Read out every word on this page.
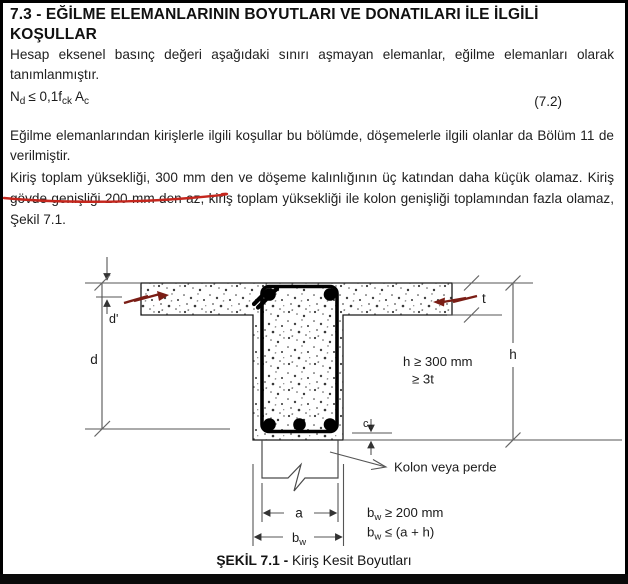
7.3 - EĞİLME ELEMANLARININ BOYUTLARI VE DONATILARI İLE İLGİLİ
KOŞULLAR
Hesap eksenel basınç değeri aşağıdaki sınırı aşmayan elemanlar, eğilme elemanları olarak
tanımlanmıştır.
$N_d \le 0,1f_{ck}$ $A_c$	(7.2)
Eğilme elemanlarından kirişlerle ilgili koşullar bu bölümde, döşemelerle ilgili olanlar da Bölüm 11 de
verilmiştir.
Kiriş toplam yüksekliği, 300 mm den ve döşeme kalınlığının üç katından daha küçük olamaz. Kiriş
gövde genişliği 200 mm den az, kiriş toplam yüksekliği ile kolon genişliği toplamından fazla olamaz,
Şekil 7.1.
d'
d
t
h
h ≥ 300 mm
≥ 3t
$c_c$
Kolon veya perde
a
$b_w$
$b_w \ge 200$ mm
$b_w \le (a + h)$
ŞEKİL 7.1 - Kiriş Kesit Boyutları
